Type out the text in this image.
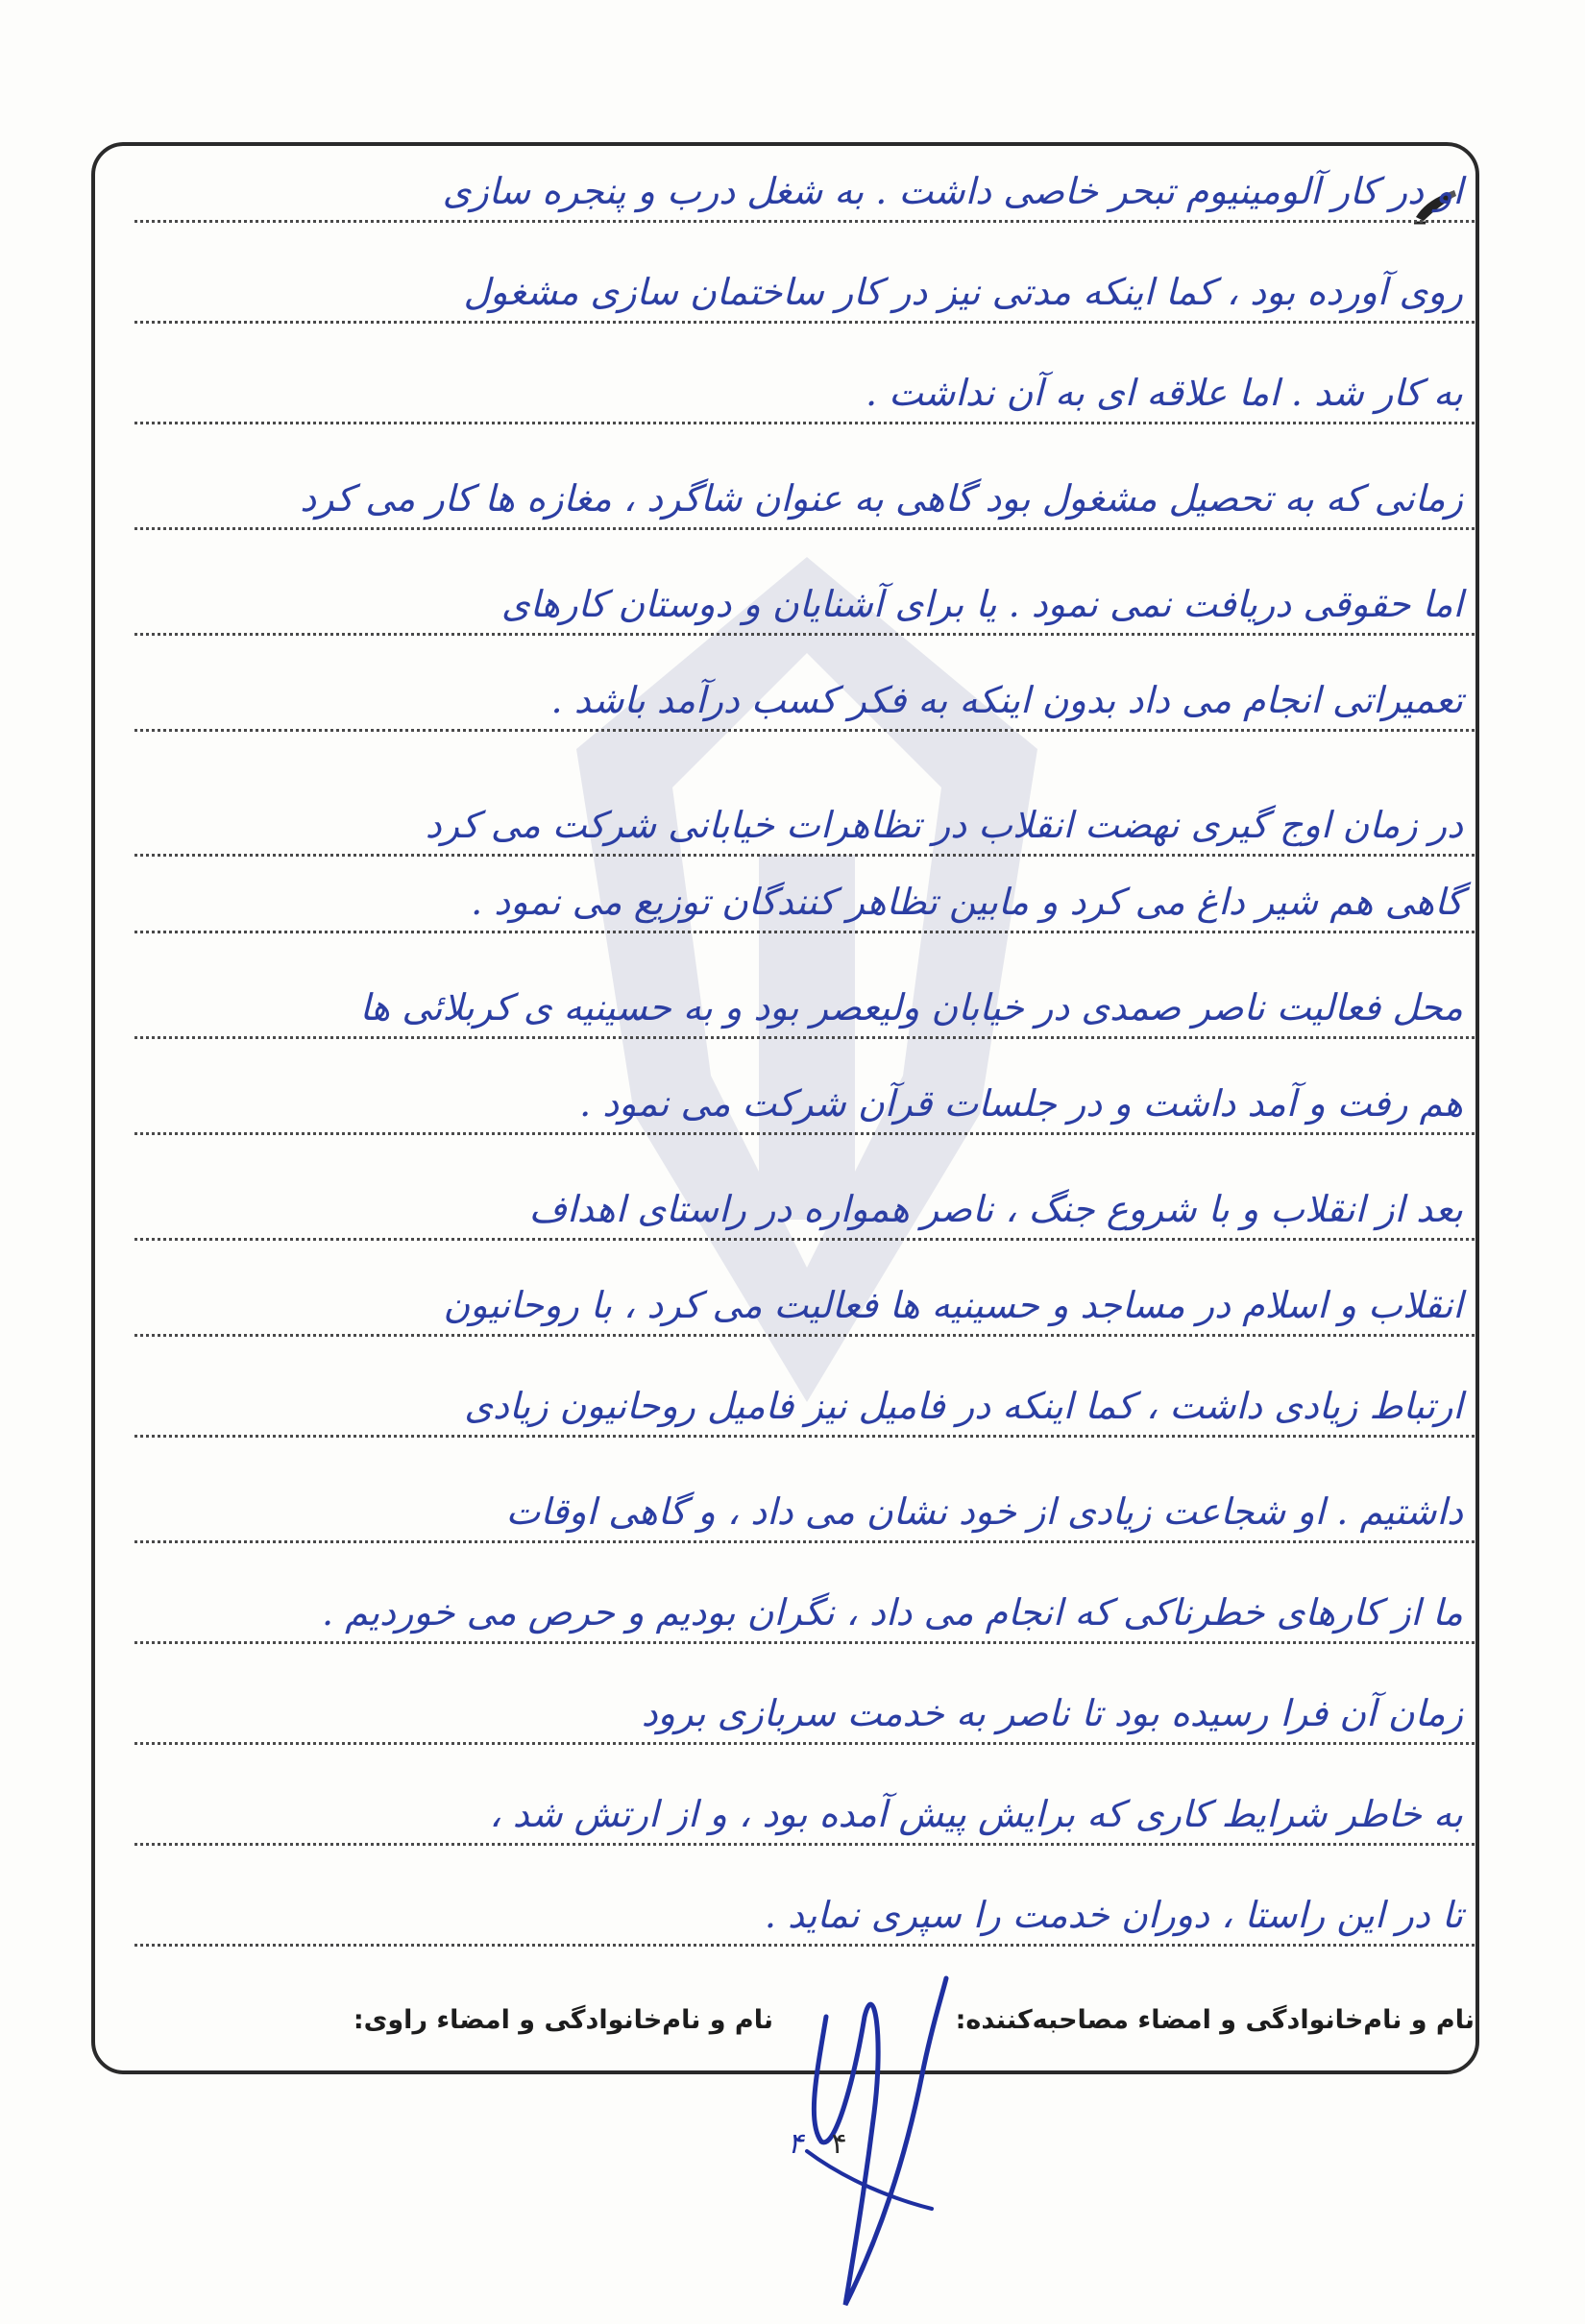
او در کار آلومینیوم تبحر خاصی داشت . به شغل درب و پنجره سازی
روی آورده بود ، کما اینکه مدتی نیز در کار ساختمان سازی مشغول
به کار شد . اما علاقه ای به آن نداشت .
زمانی که به تحصیل مشغول بود گاهی به عنوان شاگرد ، مغازه ها کار می کرد
اما حقوقی دریافت نمی نمود . یا برای آشنایان و دوستان کارهای
تعمیراتی انجام می داد بدون اینکه به فکر کسب درآمد باشد .
در زمان اوج گیری نهضت انقلاب در تظاهرات خیابانی شرکت می کرد
گاهی هم شیر داغ می کرد و مابین تظاهر کنندگان توزیع می نمود .
محل فعالیت ناصر صمدی در خیابان ولیعصر بود و به حسینیه ی کربلائی ها
هم رفت و آمد داشت و در جلسات قرآن شرکت می نمود .
بعد از انقلاب و با شروع جنگ ، ناصر همواره در راستای اهداف
انقلاب و اسلام در مساجد و حسینیه ها فعالیت می کرد ، با روحانیون
ارتباط زیادی داشت ، کما اینکه در فامیل نیز فامیل روحانیون زیادی
داشتیم . او شجاعت زیادی از خود نشان می داد ، و گاهی اوقات
ما از کارهای خطرناکی که انجام می داد ، نگران بودیم و حرص می خوردیم .
زمان آن فرا رسیده بود تا ناصر به خدمت سربازی برود
به خاطر شرایط کاری که برایش پیش آمده بود ، و از ارتش شد ،
تا در این راستا ، دوران خدمت را سپری نماید .
نام و نام‌خانوادگی و امضاء مصاحبه‌کننده:
نام و نام‌خانوادگی و امضاء راوی:
۴ ۴
